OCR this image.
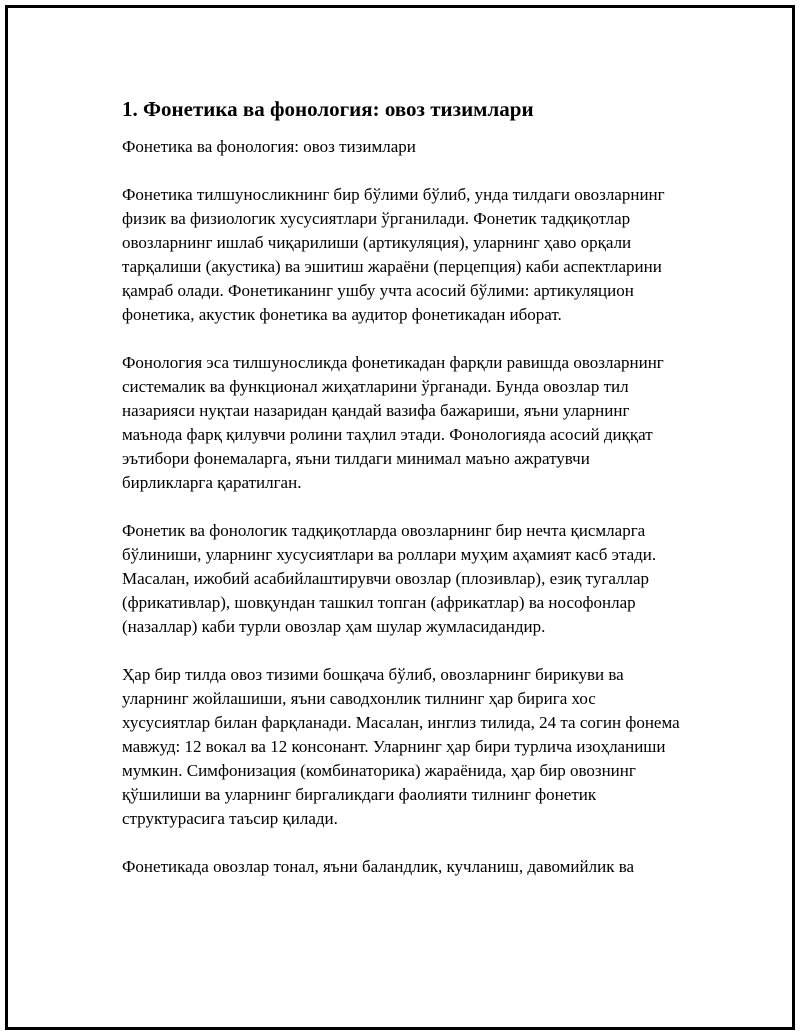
1. Фонетика ва фонология: овоз тизимлари

Фонетика ва фонология: овоз тизимлари

Фонетика тилшуносликнинг бир бўлими бўлиб, унда тилдаги овозларнинг физик ва физиологик хусусиятлари ўрганилади. Фонетик тадқиқотлар овозларнинг ишлаб чиқарилиши (артикуляция), уларнинг ҳаво орқали тарқалиши (акустика) ва эшитиш жараёни (перцепция) каби аспектларини қамраб олади. Фонетиканинг ушбу учта асосий бўлими: артикуляцион фонетика, акустик фонетика ва аудитор фонетикадан иборат.

Фонология эса тилшуносликда фонетикадан фарқли равишда овозларнинг системалик ва функционал жиҳатларини ўрганади. Бунда овозлар тил назарияси нуқтаи назаридан қандай вазифа бажариши, яъни уларнинг маънода фарқ қилувчи ролини таҳлил этади. Фонологияда асосий диққат эътибори фонемаларга, яъни тилдаги минимал маъно ажратувчи бирликларга қаратилган.

Фонетик ва фонологик тадқиқотларда овозларнинг бир нечта қисмларга бўлиниши, уларнинг хусусиятлари ва роллари муҳим аҳамият касб этади. Масалан, ижобий асабийлаштирувчи овозлар (плозивлар), езиқ тугаллар (фрикативлар), шовқундан ташкил топган (африкатлар) ва нософонлар (назаллар) каби турли овозлар ҳам шулар жумласидандир.

Ҳар бир тилда овоз тизими бошқача бўлиб, овозларнинг бирикуви ва уларнинг жойлашиши, яъни саводхонлик тилнинг ҳар бирига хос хусусиятлар билан фарқланади. Масалан, инглиз тилида, 24 та согин фонема мавжуд: 12 вокал ва 12 консонант. Уларнинг ҳар бири турлича изоҳланиши мумкин. Симфонизация (комбинаторика) жараёнида, ҳар бир овознинг қўшилиши ва уларнинг биргаликдаги фаолияти тилнинг фонетик структурасига таъсир қилади.

Фонетикада овозлар тонал, яъни баландлик, кучланиш, давомийлик ва
